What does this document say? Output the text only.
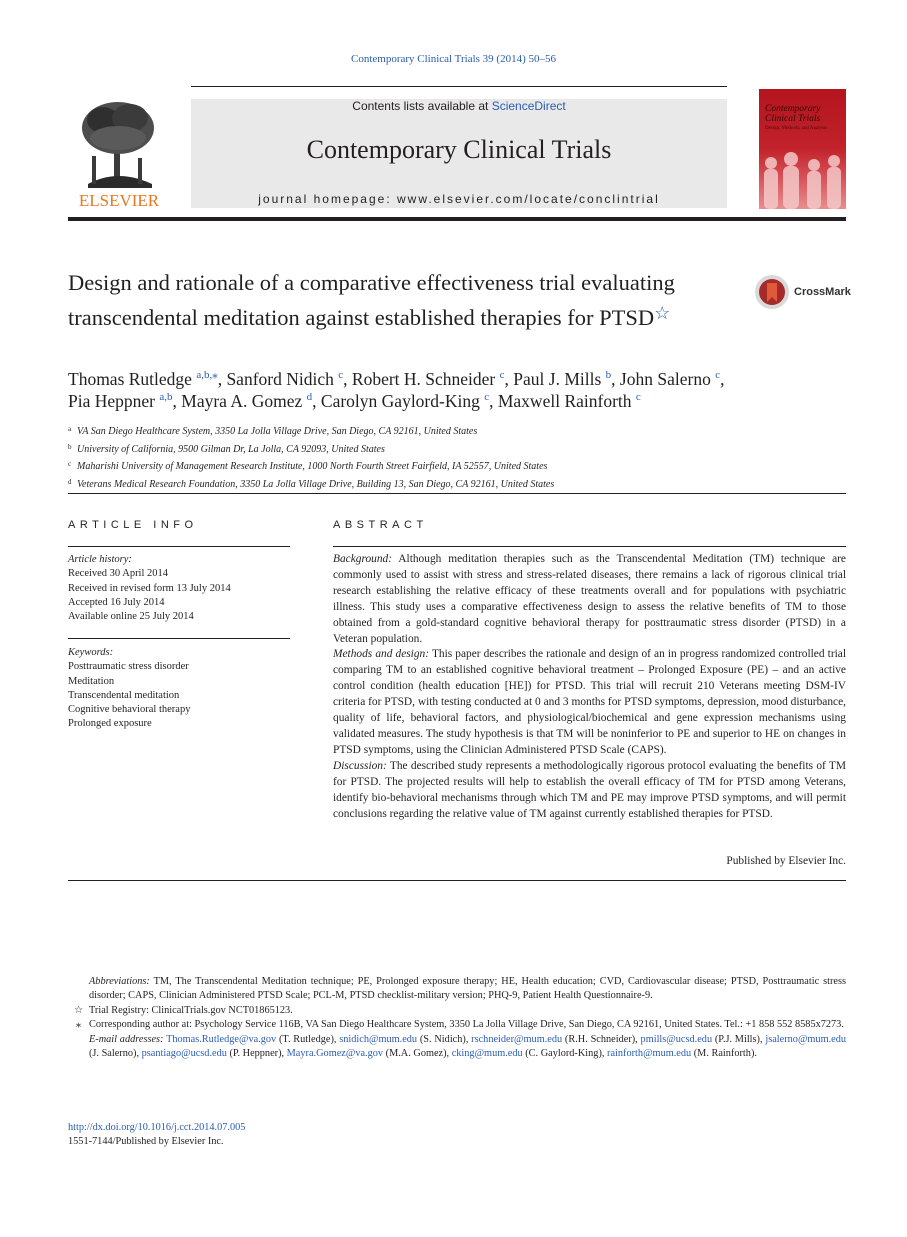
Contemporary Clinical Trials 39 (2014) 50–56
ELSEVIER
Contents lists available at ScienceDirect
Contemporary Clinical Trials
journal homepage: www.elsevier.com/locate/conclintrial
Contemporary Clinical Trials
Design, Methods, and Analysis
Design and rationale of a comparative effectiveness trial evaluating transcendental meditation against established therapies for PTSD☆
CrossMark
Thomas Rutledge $^{a,b,⁎}$, Sanford Nidich $^c$, Robert H. Schneider $^c$, Paul J. Mills $^b$, John Salerno $^c$,
Pia Heppner $^{a,b}$, Mayra A. Gomez $^d$, Carolyn Gaylord-King $^c$, Maxwell Rainforth $^c$
a VA San Diego Healthcare System, 3350 La Jolla Village Drive, San Diego, CA 92161, United States
b University of California, 9500 Gilman Dr, La Jolla, CA 92093, United States
c Maharishi University of Management Research Institute, 1000 North Fourth Street Fairfield, IA 52557, United States
d Veterans Medical Research Foundation, 3350 La Jolla Village Drive, Building 13, San Diego, CA 92161, United States
ARTICLE INFO
Article history:
Received 30 April 2014
Received in revised form 13 July 2014
Accepted 16 July 2014
Available online 25 July 2014
Keywords:
Posttraumatic stress disorder
Meditation
Transcendental meditation
Cognitive behavioral therapy
Prolonged exposure
ABSTRACT

Background: Although meditation therapies such as the Transcendental Meditation (TM) technique are commonly used to assist with stress and stress-related diseases, there remains a lack of rigorous clinical trial research establishing the relative efficacy of these treatments overall and for populations with psychiatric illness. This study uses a comparative effectiveness design to assess the relative benefits of TM to those obtained from a gold-standard cognitive behavioral therapy for posttraumatic stress disorder (PTSD) in a Veteran population.

Methods and design: This paper describes the rationale and design of an in progress randomized controlled trial comparing TM to an established cognitive behavioral treatment – Prolonged Exposure (PE) – and an active control condition (health education [HE]) for PTSD. This trial will recruit 210 Veterans meeting DSM-IV criteria for PTSD, with testing conducted at 0 and 3 months for PTSD symptoms, depression, mood disturbance, quality of life, behavioral factors, and physiological/biochemical and gene expression mechanisms using validated measures. The study hypothesis is that TM will be noninferior to PE and superior to HE on changes in PTSD symptoms, using the Clinician Administered PTSD Scale (CAPS).

Discussion: The described study represents a methodologically rigorous protocol evaluating the benefits of TM for PTSD. The projected results will help to establish the overall efficacy of TM for PTSD among Veterans, identify bio-behavioral mechanisms through which TM and PE may improve PTSD symptoms, and will permit conclusions regarding the relative value of TM against currently established therapies for PTSD.

Published by Elsevier Inc.

Abbreviations: TM, The Transcendental Meditation technique; PE, Prolonged exposure therapy; HE, Health education; CVD, Cardiovascular disease; PTSD, Posttraumatic stress disorder; CAPS, Clinician Administered PTSD Scale; PCL-M, PTSD checklist-military version; PHQ-9, Patient Health Questionnaire-9.

☆ Trial Registry: ClinicalTrials.gov NCT01865123.

⁎ Corresponding author at: Psychology Service 116B, VA San Diego Healthcare System, 3350 La Jolla Village Drive, San Diego, CA 92161, United States. Tel.: +1 858 552 8585x7273.

E-mail addresses: Thomas.Rutledge@va.gov (T. Rutledge), snidich@mum.edu (S. Nidich), rschneider@mum.edu (R.H. Schneider), pmills@ucsd.edu (P.J. Mills), jsalerno@mum.edu (J. Salerno), psantiago@ucsd.edu (P. Heppner), Mayra.Gomez@va.gov (M.A. Gomez), cking@mum.edu (C. Gaylord-King), rainforth@mum.edu (M. Rainforth).

http://dx.doi.org/10.1016/j.cct.2014.07.005
1551-7144/Published by Elsevier Inc.
